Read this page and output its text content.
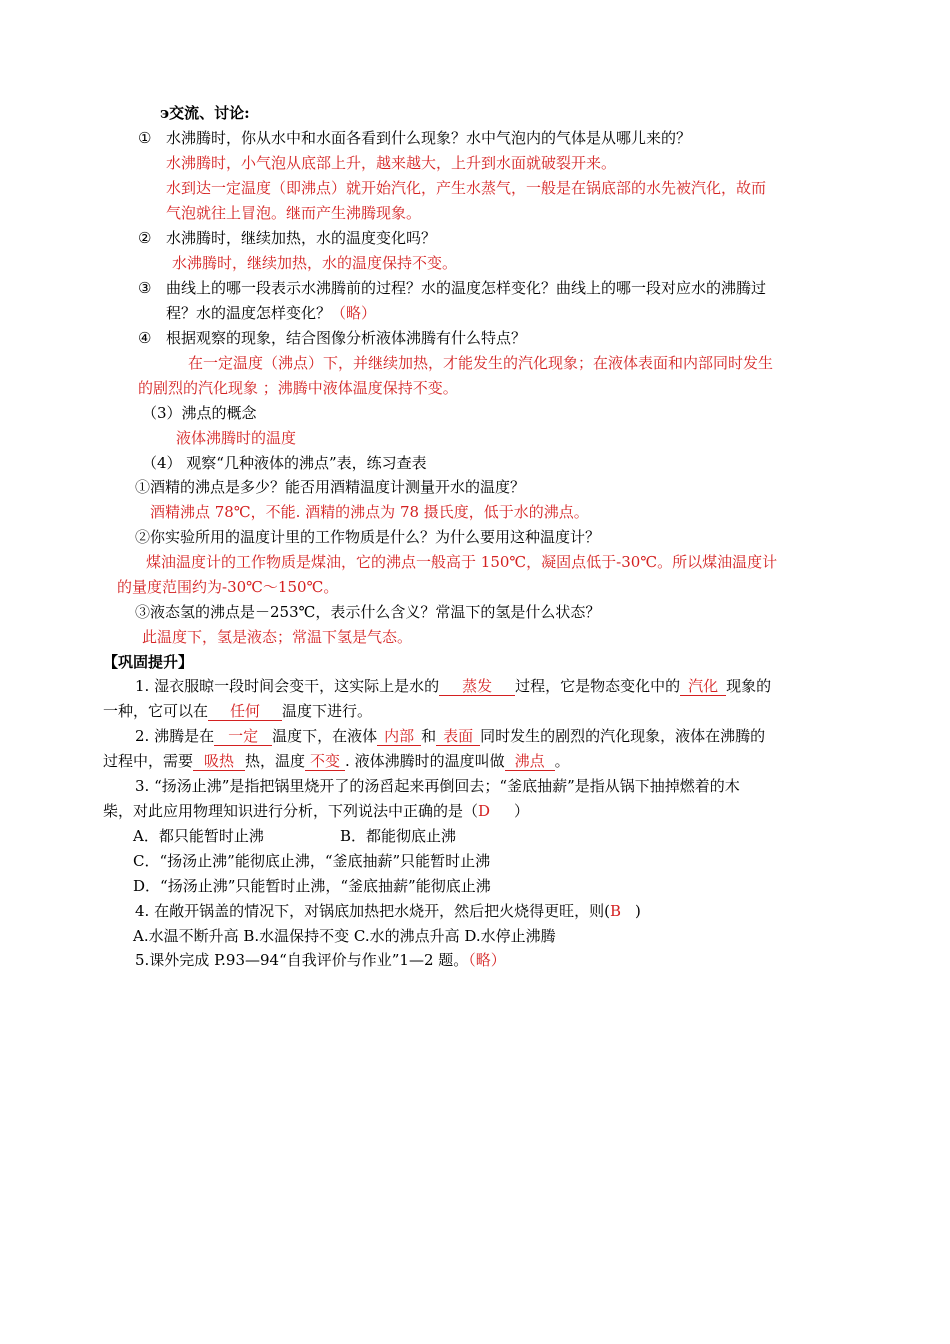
϶交流、讨论:
① 水沸腾时，你从水中和水面各看到什么现象？水中气泡内的气体是从哪儿来的？
水沸腾时，小气泡从底部上升，越来越大，上升到水面就破裂开来。
水到达一定温度（即沸点）就开始汽化，产生水蒸气，一般是在锅底部的水先被汽化，故而
气泡就往上冒泡。继而产生沸腾现象。
② 水沸腾时，继续加热，水的温度变化吗？
水沸腾时，继续加热，水的温度保持不变。
③ 曲线上的哪一段表示水沸腾前的过程？水的温度怎样变化？曲线上的哪一段对应水的沸腾过
程？水的温度怎样变化？（略）
④ 根据观察的现象，结合图像分析液体沸腾有什么特点？
在一定温度（沸点）下，并继续加热，才能发生的汽化现象；在液体表面和内部同时发生
的剧烈的汽化现象 ；沸腾中液体温度保持不变。
（3）沸点的概念
液体沸腾时的温度
（4） 观察“几种液体的沸点”表，练习查表
①酒精的沸点是多少？能否用酒精温度计测量开水的温度？
酒精沸点 78℃，不能. 酒精的沸点为 78 摄氏度，低于水的沸点。
②你实验所用的温度计里的工作物质是什么？为什么要用这种温度计？
煤油温度计的工作物质是煤油，它的沸点一般高于 150℃，凝固点低于-30℃。所以煤油温度计
的量度范围约为-30℃～150℃。
③液态氢的沸点是－253℃，表示什么含义？常温下的氢是什么状态？
此温度下，氢是液态；常温下氢是气态。
【巩固提升】
1. 湿衣服晾一段时间会变干，这实际上是水的 蒸发 过程，它是物态变化中的 汽化 现象的
一种，它可以在 任何 温度下进行。
2. 沸腾是在 一定 温度下，在液体 内部 和 表面 同时发生的剧烈的汽化现象，液体在沸腾的
过程中，需要 吸热 热，温度 不变 . 液体沸腾时的温度叫做 沸点 。
3. “扬汤止沸”是指把锅里烧开了的汤舀起来再倒回去；“釜底抽薪”是指从锅下抽掉燃着的木
柴，对此应用物理知识进行分析，下列说法中正确的是（D ）
A．都只能暂时止沸	B．都能彻底止沸
C．“扬汤止沸”能彻底止沸，“釜底抽薪”只能暂时止沸
D．“扬汤止沸”只能暂时止沸，“釜底抽薪”能彻底止沸
4. 在敞开锅盖的情况下，对锅底加热把水烧开，然后把火烧得更旺，则(B )
A.水温不断升高 B.水温保持不变 C.水的沸点升高 D.水停止沸腾
5.课外完成 P.93—94“自我评价与作业”1—2 题。（略）
